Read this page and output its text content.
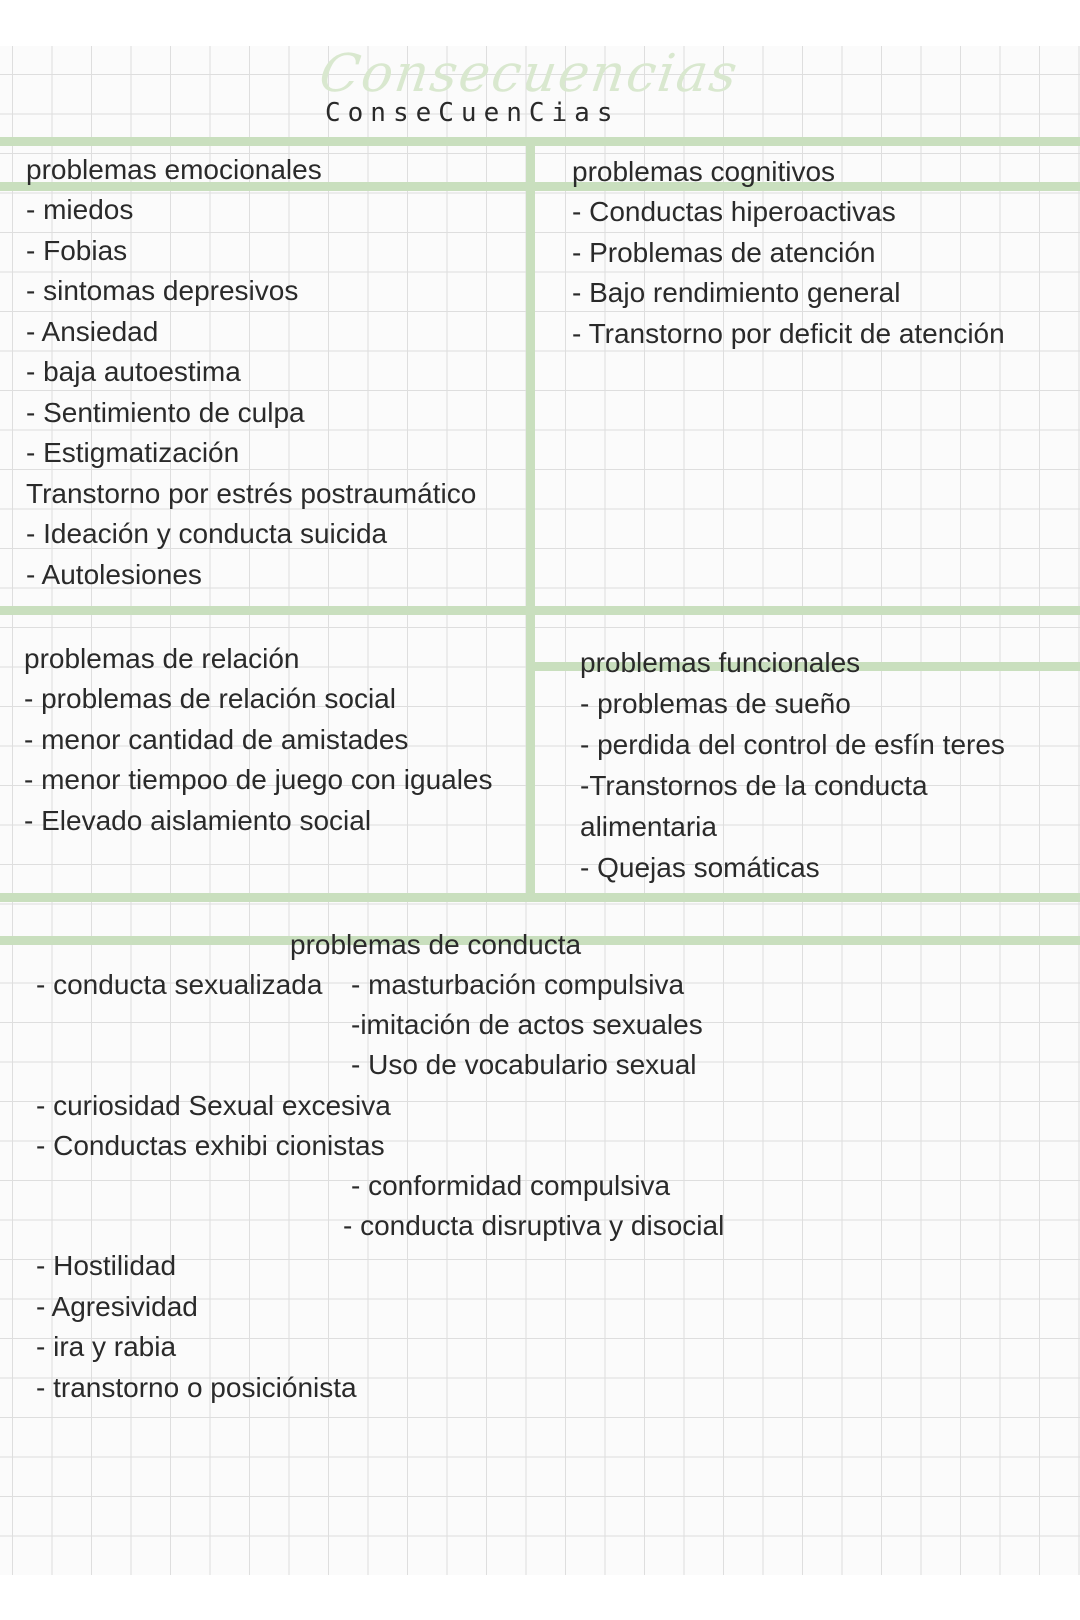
Consecuencias

ConseCuenCias
problemas emocionales
- miedos
- Fobias
- sintomas depresivos
- Ansiedad
- baja autoestima
- Sentimiento de culpa
- Estigmatización
Transtorno por estrés postraumático
- Ideación y conducta suicida
- Autolesiones
problemas cognitivos
- Conductas hiperoactivas
- Problemas de atención
- Bajo rendimiento general
- Transtorno por deficit de atención
problemas de relación
- problemas de relación social
- menor cantidad de amistades
- menor tiempoo de juego con iguales
- Elevado aislamiento social
problemas funcionales
- problemas de sueño
- perdida del control de esfín teres
-Transtornos de la conducta
alimentaria
- Quejas somáticas
problemas de conducta
- conducta sexualizada - masturbación compulsiva
-imitación de actos sexuales
- Uso de vocabulario sexual
- curiosidad Sexual excesiva
- Conductas exhibi cionistas
- conformidad compulsiva
- conducta disruptiva y disocial
- Hostilidad
- Agresividad
- ira y rabia
- transtorno o posiciónista
